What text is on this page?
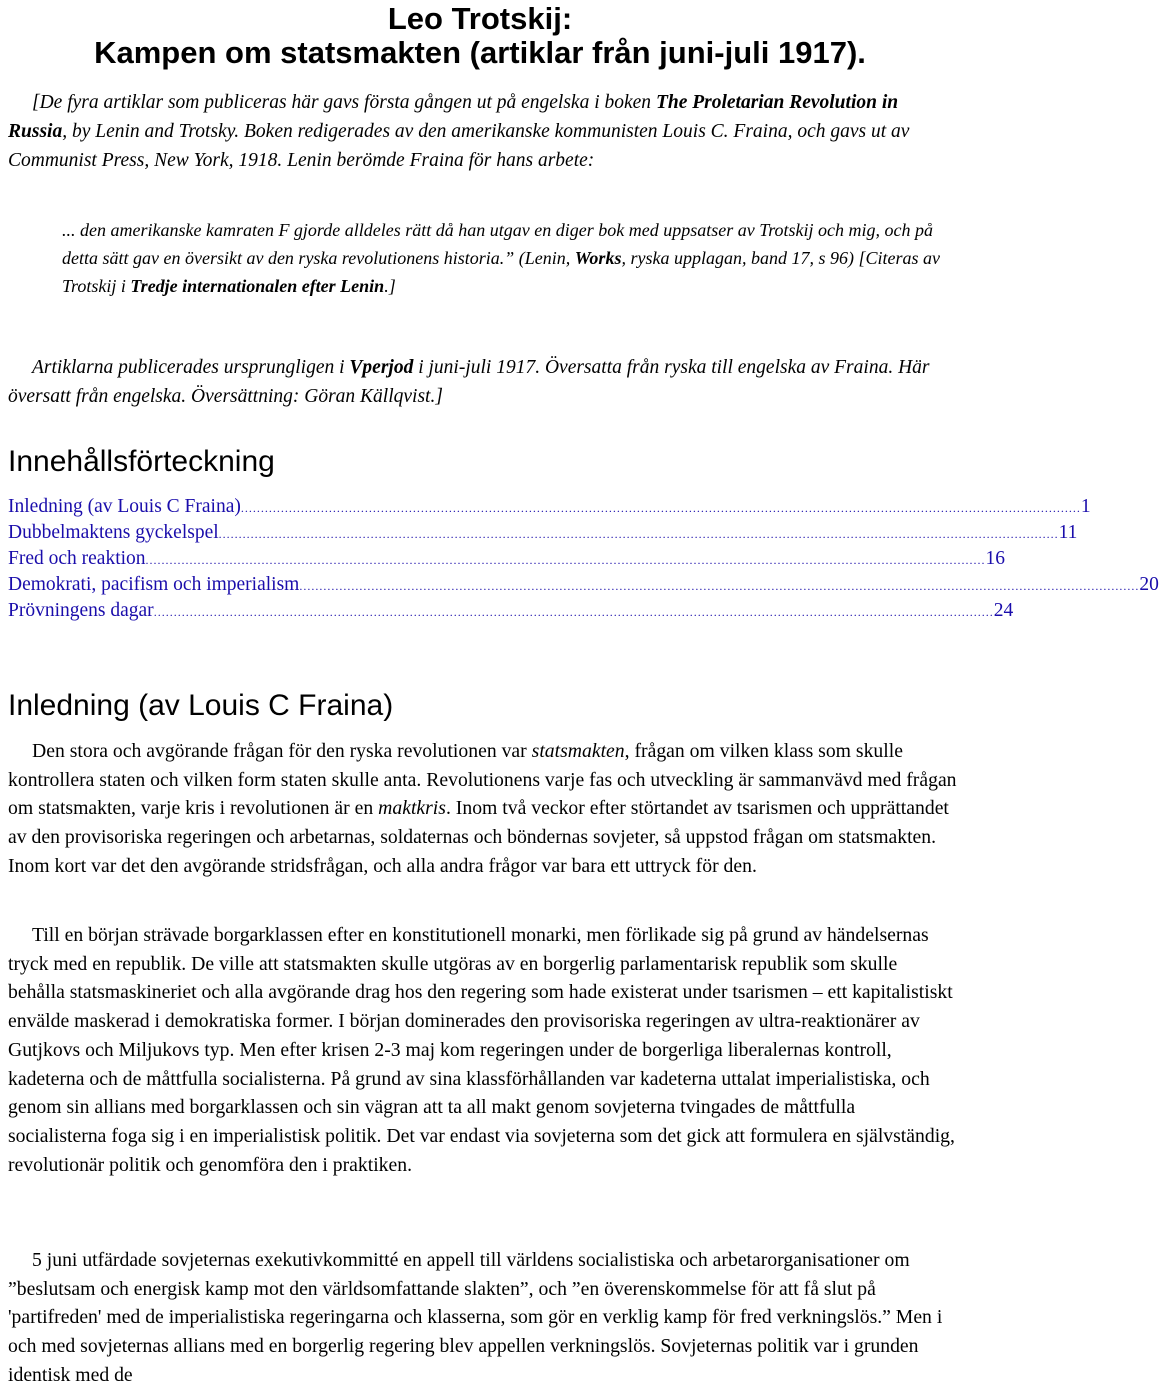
Leo Trotskij:
Kampen om statsmakten (artiklar från juni-juli 1917).

[De fyra artiklar som publiceras här gavs första gången ut på engelska i boken The Proletarian Revolution in Russia, by Lenin and Trotsky. Boken redigerades av den amerikanske kommunisten Louis C. Fraina, och gavs ut av Communist Press, New York, 1918. Lenin berömde Fraina för hans arbete:

... den amerikanske kamraten F gjorde alldeles rätt då han utgav en diger bok med uppsatser av Trotskij och mig, och på detta sätt gav en översikt av den ryska revolutionens historia.” (Lenin, Works, ryska upplagan, band 17, s 96) [Citeras av Trotskij i Tredje internationalen efter Lenin.]

Artiklarna publicerades ursprungligen i Vperjod i juni-juli 1917. Översatta från ryska till engelska av Fraina. Här översatt från engelska. Översättning: Göran Källqvist.]

Innehållsförteckning
Inledning (av Louis C Fraina) .................................................................................................................................................................................................................. 1
Dubbelmaktens gyckelspel .................................................................................................................................................................................................................. 11
Fred och reaktion .................................................................................................................................................................................................................. 16
Demokrati, pacifism och imperialism .................................................................................................................................................................................................................. 20
Prövningens dagar .................................................................................................................................................................................................................. 24
Inledning (av Louis C Fraina)

Den stora och avgörande frågan för den ryska revolutionen var statsmakten, frågan om vilken klass som skulle kontrollera staten och vilken form staten skulle anta. Revolutionens varje fas och utveckling är sammanvävd med frågan om statsmakten, varje kris i revolutionen är en maktkris. Inom två veckor efter störtandet av tsarismen och upprättandet av den provisoriska regeringen och arbetarnas, soldaternas och böndernas sovjeter, så uppstod frågan om statsmakten. Inom kort var det den avgörande stridsfrågan, och alla andra frågor var bara ett uttryck för den.

Till en början strävade borgarklassen efter en konstitutionell monarki, men förlikade sig på grund av händelsernas tryck med en republik. De ville att statsmakten skulle utgöras av en borgerlig parlamentarisk republik som skulle behålla statsmaskineriet och alla avgörande drag hos den regering som hade existerat under tsarismen – ett kapitalistiskt envälde maskerad i demokratiska former. I början dominerades den provisoriska regeringen av ultra-reaktionärer av Gutjkovs och Miljukovs typ. Men efter krisen 2-3 maj kom regeringen under de borgerliga liberalernas kontroll, kadeterna och de måttfulla socialisterna. På grund av sina klassförhållanden var kadeterna uttalat imperialistiska, och genom sin allians med borgarklassen och sin vägran att ta all makt genom sovjeterna tvingades de måttfulla socialisterna foga sig i en imperialistisk politik. Det var endast via sovjeterna som det gick att formulera en självständig, revolutionär politik och genomföra den i praktiken.

5 juni utfärdade sovjeternas exekutivkommitté en appell till världens socialistiska och arbetarorganisationer om ”beslutsam och energisk kamp mot den världsomfattande slakten”, och ”en överenskommelse för att få slut på 'partifreden' med de imperialistiska regeringarna och klasserna, som gör en verklig kamp för fred verkningslös.” Men i och med sovjeternas allians med en borgerlig regering blev appellen verkningslös. Sovjeternas politik var i grunden identisk med de
